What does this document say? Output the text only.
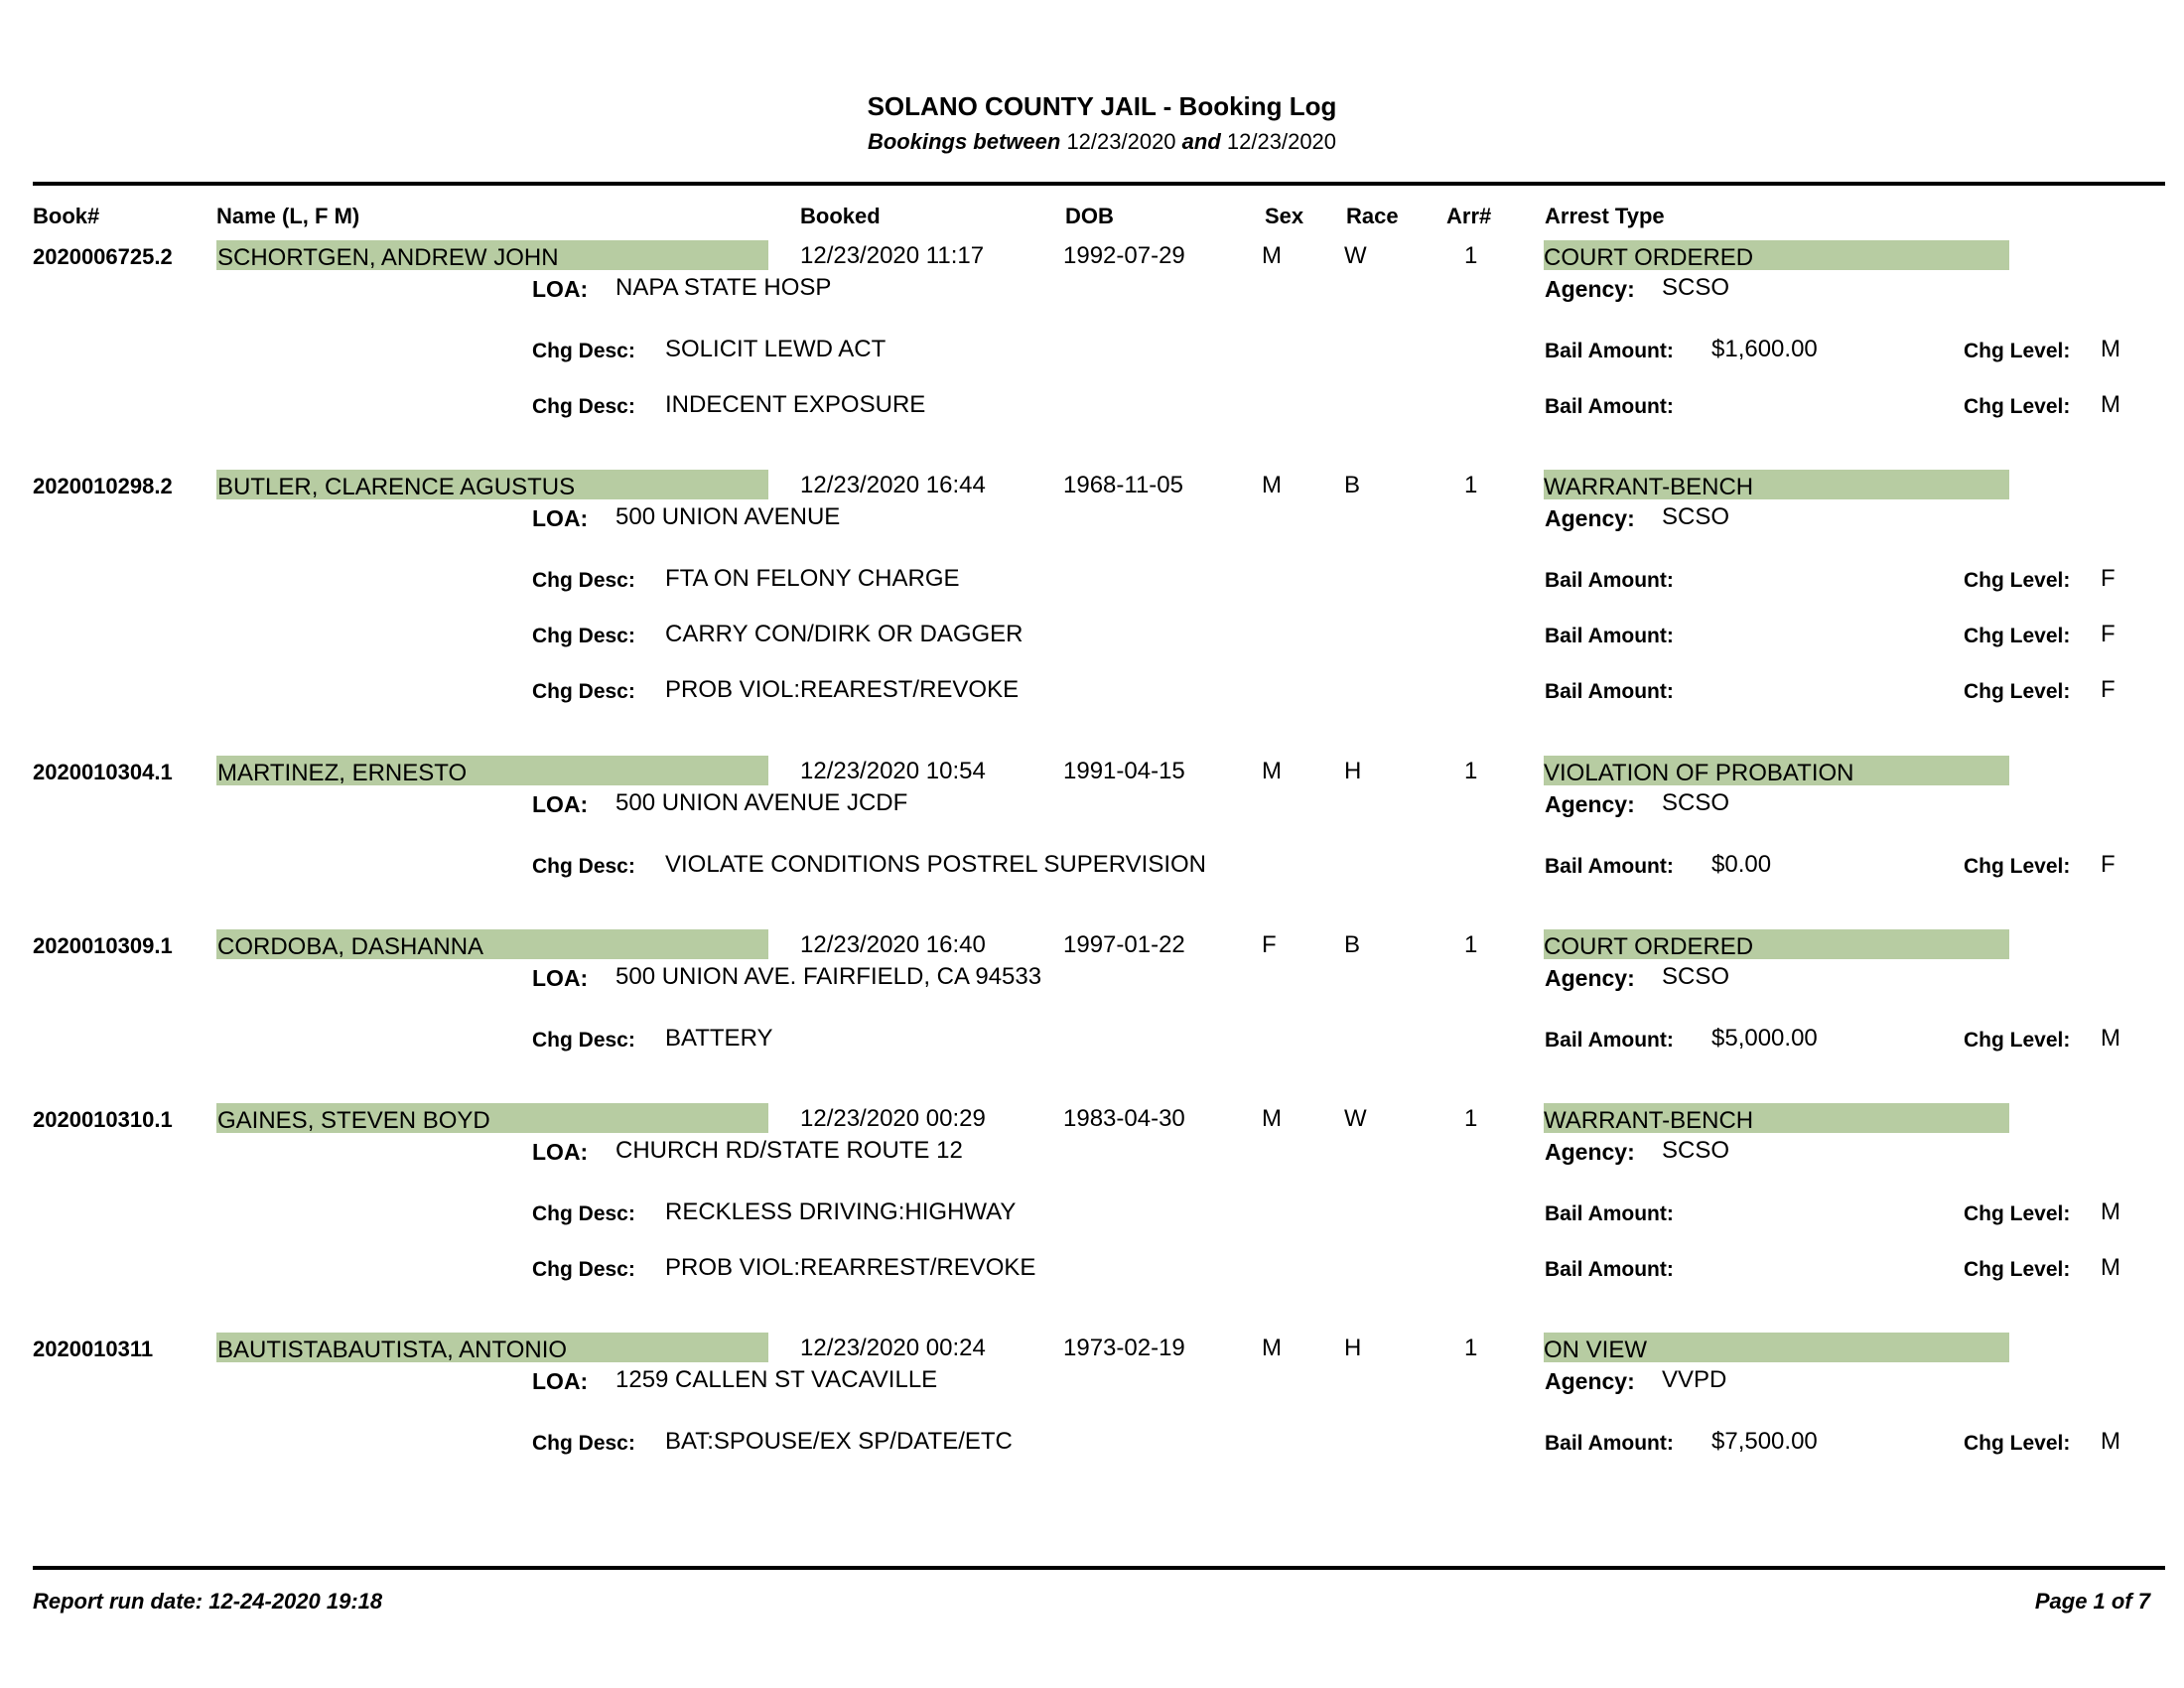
SOLANO COUNTY JAIL - Booking Log
Bookings between 12/23/2020 and 12/23/2020
Book#	Name (L, F M)	Booked	DOB	Sex Race Arr# Arrest Type
2020006725.2 SCHORTGEN, ANDREW JOHN	12/23/2020 11:17	1992-07-29	M	W	1	COURT ORDERED
LOA: NAPA STATE HOSP	Agency: SCSO
Chg Desc: SOLICIT LEWD ACT	Bail Amount: $1,600.00	Chg Level: M
Chg Desc: INDECENT EXPOSURE	Bail Amount:	Chg Level: M
2020010298.2 BUTLER, CLARENCE AGUSTUS	12/23/2020 16:44	1968-11-05	M	B	1	WARRANT-BENCH
LOA: 500 UNION AVENUE	Agency: SCSO
Chg Desc: FTA ON FELONY CHARGE	Bail Amount:	Chg Level: F
Chg Desc: CARRY CON/DIRK OR DAGGER	Bail Amount:	Chg Level: F
Chg Desc: PROB VIOL:REAREST/REVOKE	Bail Amount:	Chg Level: F
2020010304.1 MARTINEZ, ERNESTO	12/23/2020 10:54	1991-04-15	M	H	1	VIOLATION OF PROBATION
LOA: 500 UNION AVENUE JCDF	Agency: SCSO
Chg Desc: VIOLATE CONDITIONS POSTREL SUPERVISION	Bail Amount: $0.00	Chg Level: F
2020010309.1 CORDOBA, DASHANNA	12/23/2020 16:40	1997-01-22	F	B	1	COURT ORDERED
LOA: 500 UNION AVE. FAIRFIELD, CA 94533	Agency: SCSO
Chg Desc: BATTERY	Bail Amount: $5,000.00	Chg Level: M
2020010310.1 GAINES, STEVEN BOYD	12/23/2020 00:29	1983-04-30	M	W	1	WARRANT-BENCH
LOA: CHURCH RD/STATE ROUTE 12	Agency: SCSO
Chg Desc: RECKLESS DRIVING:HIGHWAY	Bail Amount:	Chg Level: M
Chg Desc: PROB VIOL:REARREST/REVOKE	Bail Amount:	Chg Level: M
2020010311	BAUTISTABAUTISTA, ANTONIO	12/23/2020 00:24	1973-02-19	M	H	1	ON VIEW
LOA: 1259 CALLEN ST VACAVILLE	Agency: VVPD
Chg Desc: BAT:SPOUSE/EX SP/DATE/ETC	Bail Amount: $7,500.00	Chg Level: M
Report run date: 12-24-2020 19:18	Page 1 of 7
